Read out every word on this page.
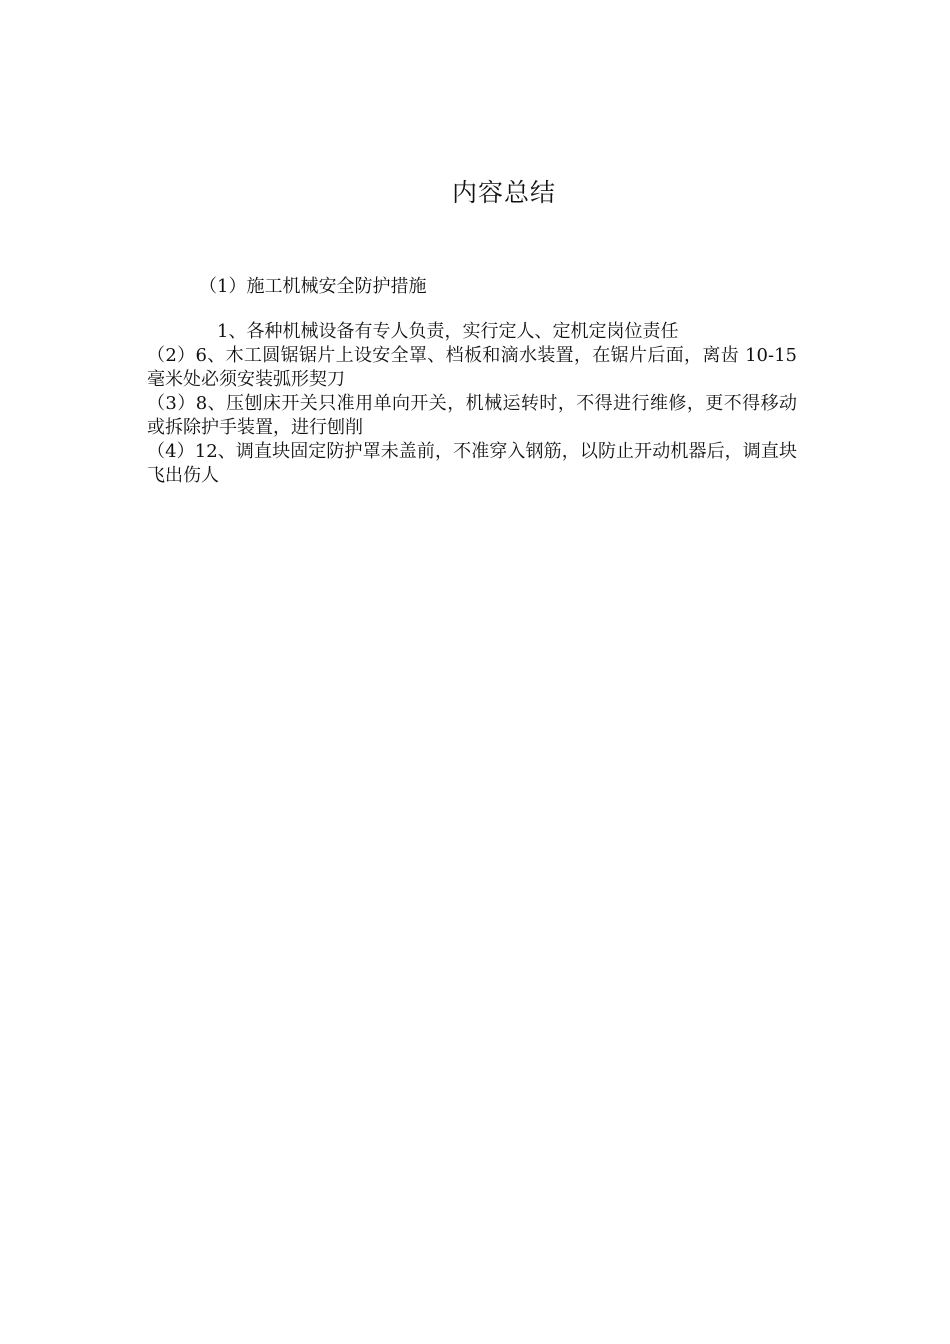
内容总结
（1）施工机械安全防护措施
1、各种机械设备有专人负责，实行定人、定机定岗位责任
（2）6、木工圆锯锯片上设安全罩、档板和滴水装置，在锯片后面，离齿 10-15 毫米处必须安装弧形契刀
（3）8、压刨床开关只准用单向开关，机械运转时，不得进行维修，更不得移动或拆除护手装置，进行刨削
（4）12、调直块固定防护罩未盖前，不准穿入钢筋，以防止开动机器后，调直块飞出伤人
